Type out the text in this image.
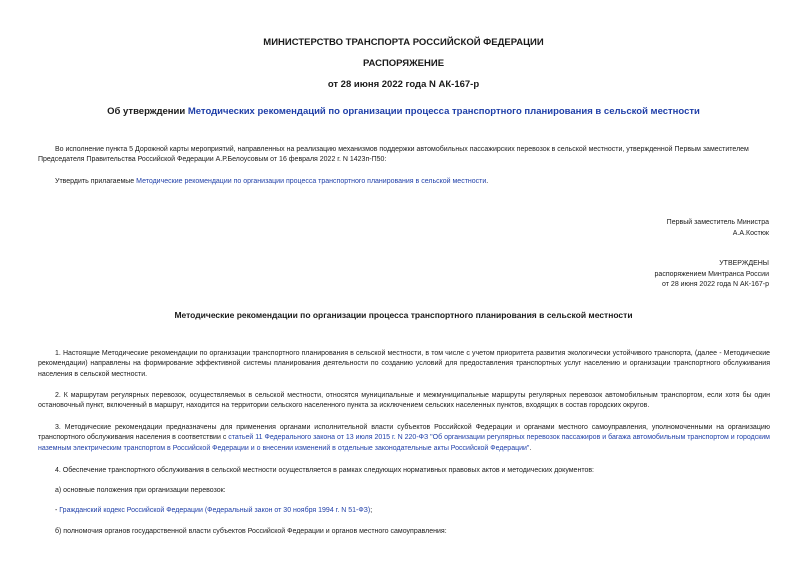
МИНИСТЕРСТВО ТРАНСПОРТА РОССИЙСКОЙ ФЕДЕРАЦИИ
РАСПОРЯЖЕНИЕ
от 28 июня 2022 года N АК-167-р
Об утверждении Методических рекомендаций по организации процесса транспортного планирования в сельской местности
Во исполнение пункта 5 Дорожной карты мероприятий, направленных на реализацию механизмов поддержки автомобильных пассажирских перевозок в сельской местности, утвержденной Первым заместителем Председателя Правительства Российской Федерации А.Р.Белоусовым от 16 февраля 2022 г. N 1423п-П50:
Утвердить прилагаемые Методические рекомендации по организации процесса транспортного планирования в сельской местности.
Первый заместитель Министра
А.А.Костюк
УТВЕРЖДЕНЫ
распоряжением Минтранса России
от 28 июня 2022 года N АК-167-р
Методические рекомендации по организации процесса транспортного планирования в сельской местности
1. Настоящие Методические рекомендации по организации транспортного планирования в сельской местности, в том числе с учетом приоритета развития экологически устойчивого транспорта, (далее - Методические рекомендации) направлены на формирование эффективной системы планирования деятельности по созданию условий для предоставления транспортных услуг населению и организации транспортного обслуживания населения в сельской местности.
2. К маршрутам регулярных перевозок, осуществляемых в сельской местности, относятся муниципальные и межмуниципальные маршруты регулярных перевозок автомобильным транспортом, если хотя бы один остановочный пункт, включенный в маршрут, находится на территории сельского населенного пункта за исключением сельских населенных пунктов, входящих в состав городских округов.
3. Методические рекомендации предназначены для применения органами исполнительной власти субъектов Российской Федерации и органами местного самоуправления, уполномоченными на организацию транспортного обслуживания населения в соответствии с статьей 11 Федерального закона от 13 июля 2015 г. N 220-ФЗ "Об организации регулярных перевозок пассажиров и багажа автомобильным транспортом и городским наземным электрическим транспортом в Российской Федерации и о внесении изменений в отдельные законодательные акты Российской Федерации".
4. Обеспечение транспортного обслуживания в сельской местности осуществляется в рамках следующих нормативных правовых актов и методических документов:
а) основные положения при организации перевозок:
- Гражданский кодекс Российской Федерации (Федеральный закон от 30 ноября 1994 г. N 51-ФЗ);
б) полномочия органов государственной власти субъектов Российской Федерации и органов местного самоуправления:
